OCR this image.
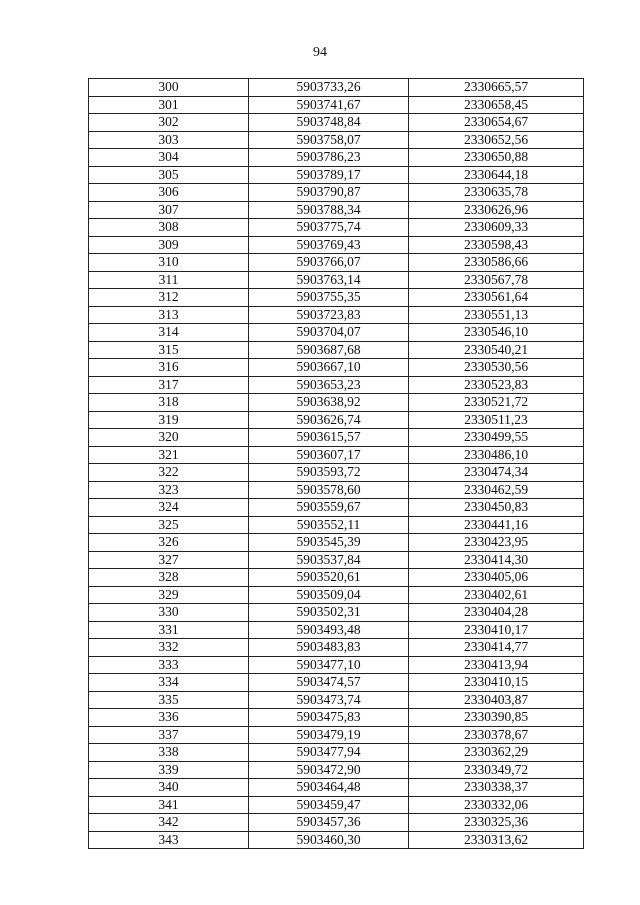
94
300	5903733,26	2330665,57
301	5903741,67	2330658,45
302	5903748,84	2330654,67
303	5903758,07	2330652,56
304	5903786,23	2330650,88
305	5903789,17	2330644,18
306	5903790,87	2330635,78
307	5903788,34	2330626,96
308	5903775,74	2330609,33
309	5903769,43	2330598,43
310	5903766,07	2330586,66
311	5903763,14	2330567,78
312	5903755,35	2330561,64
313	5903723,83	2330551,13
314	5903704,07	2330546,10
315	5903687,68	2330540,21
316	5903667,10	2330530,56
317	5903653,23	2330523,83
318	5903638,92	2330521,72
319	5903626,74	2330511,23
320	5903615,57	2330499,55
321	5903607,17	2330486,10
322	5903593,72	2330474,34
323	5903578,60	2330462,59
324	5903559,67	2330450,83
325	5903552,11	2330441,16
326	5903545,39	2330423,95
327	5903537,84	2330414,30
328	5903520,61	2330405,06
329	5903509,04	2330402,61
330	5903502,31	2330404,28
331	5903493,48	2330410,17
332	5903483,83	2330414,77
333	5903477,10	2330413,94
334	5903474,57	2330410,15
335	5903473,74	2330403,87
336	5903475,83	2330390,85
337	5903479,19	2330378,67
338	5903477,94	2330362,29
339	5903472,90	2330349,72
340	5903464,48	2330338,37
341	5903459,47	2330332,06
342	5903457,36	2330325,36
343	5903460,30	2330313,62
